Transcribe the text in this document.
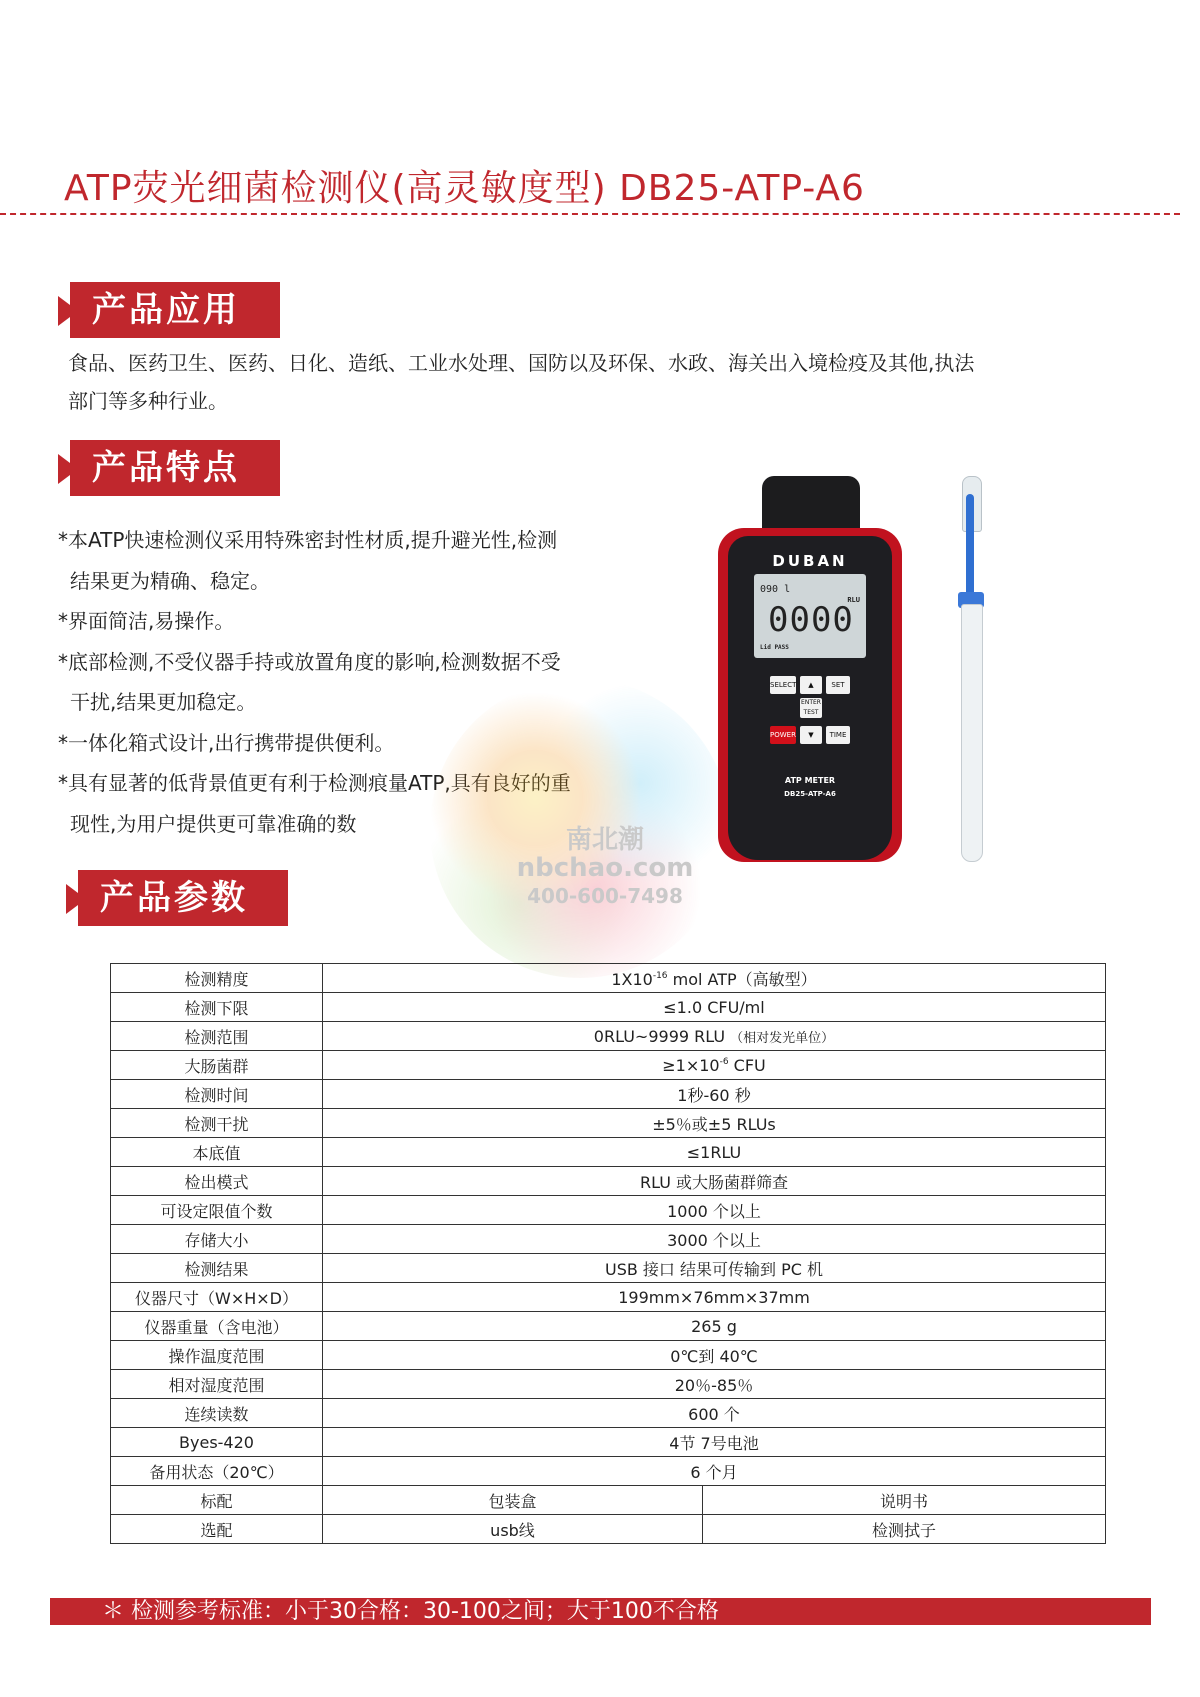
ATP荧光细菌检测仪(高灵敏度型) DB25-ATP-A6
产品应用
食品、医药卫生、医药、日化、造纸、工业水处理、国防以及环保、水政、海关出入境检疫及其他,执法
部门等多种行业。
产品特点
*本ATP快速检测仪采用特殊密封性材质,提升避光性,检测
结果更为精确、稳定。
*界面简洁,易操作。
*底部检测,不受仪器手持或放置角度的影响,检测数据不受
干扰,结果更加稳定。
*一体化箱式设计,出行携带提供便利。
*具有显著的低背景值更有利于检测痕量ATP,具有良好的重
现性,为用户提供更可靠准确的数
南北潮
nbchao.com
400-600-7498
DUBAN
090 l
RLU
0000
Lid PASS
SELECT	▲	SET
ENTER TEST
POWER	▼	TIME
ATP METER
DB25-ATP-A6
产品参数
检测精度	$1X10^{-16}$ mol ATP（高敏型）	
检测下限	≤1.0 CFU/ml	
检测范围	0RLU~9999 RLU （相对发光单位）	
大肠菌群	$\ge 1\times 10^{-6}$ CFU	
检测时间	1秒-60 秒	
检测干扰	±5％或±5 RLUs	
本底值	≤1RLU	
检出模式	RLU 或大肠菌群筛查	
可设定限值个数	1000 个以上	
存储大小	3000 个以上	
检测结果	USB 接口 结果可传输到 PC 机	
仪器尺寸（W×H×D）	199mm×76mm×37mm	
仪器重量（含电池）	265 g	
操作温度范围	0℃到 40℃	
相对湿度范围	20％-85％	
连续读数	600 个	
Byes-420	4节 7号电池	
备用状态（20℃）	6 个月	
标配	包装盒	说明书
选配	usb线	检测拭子
＊ 检测参考标准：小于30合格：30-100之间；大于100不合格
